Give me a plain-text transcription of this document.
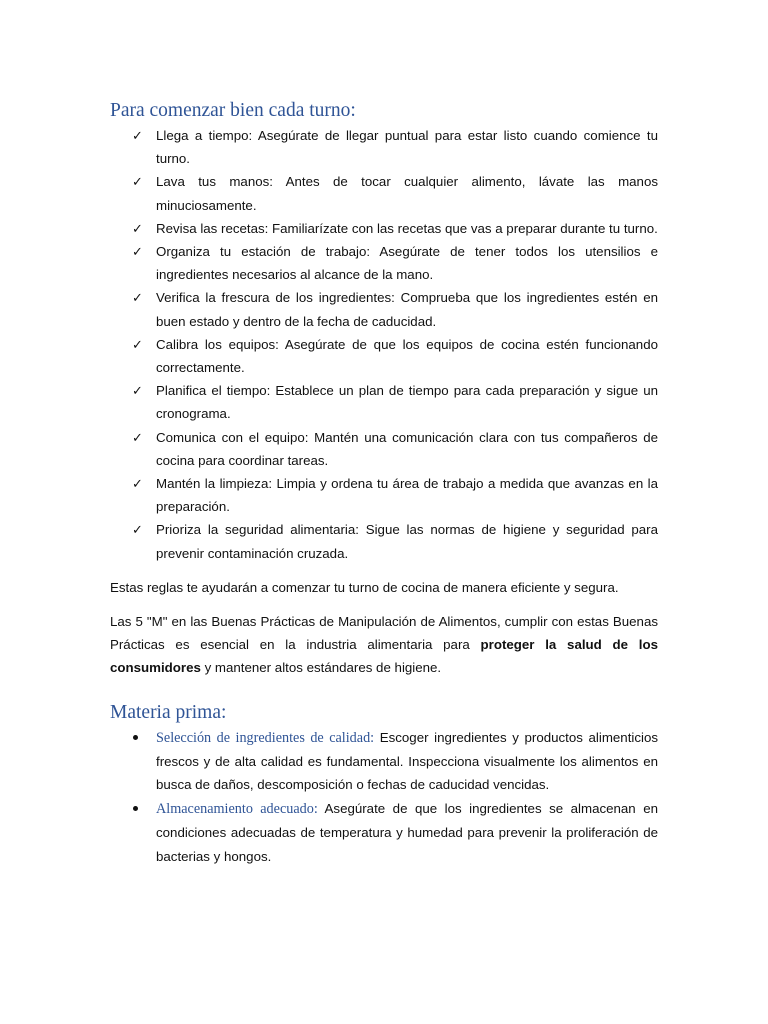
Para comenzar bien cada turno:
✓ Llega a tiempo: Asegúrate de llegar puntual para estar listo cuando comience tu turno.
✓ Lava tus manos: Antes de tocar cualquier alimento, lávate las manos minuciosamente.
✓ Revisa las recetas: Familiarízate con las recetas que vas a preparar durante tu turno.
✓ Organiza tu estación de trabajo: Asegúrate de tener todos los utensilios e ingredientes necesarios al alcance de la mano.
✓ Verifica la frescura de los ingredientes: Comprueba que los ingredientes estén en buen estado y dentro de la fecha de caducidad.
✓ Calibra los equipos: Asegúrate de que los equipos de cocina estén funcionando correctamente.
✓ Planifica el tiempo: Establece un plan de tiempo para cada preparación y sigue un cronograma.
✓ Comunica con el equipo: Mantén una comunicación clara con tus compañeros de cocina para coordinar tareas.
✓ Mantén la limpieza: Limpia y ordena tu área de trabajo a medida que avanzas en la preparación.
✓ Prioriza la seguridad alimentaria: Sigue las normas de higiene y seguridad para prevenir contaminación cruzada.

Estas reglas te ayudarán a comenzar tu turno de cocina de manera eficiente y segura.

Las 5 "M" en las Buenas Prácticas de Manipulación de Alimentos, cumplir con estas Buenas Prácticas es esencial en la industria alimentaria para proteger la salud de los consumidores y mantener altos estándares de higiene.

Materia prima:
Selección de ingredientes de calidad: Escoger ingredientes y productos alimenticios frescos y de alta calidad es fundamental. Inspecciona visualmente los alimentos en busca de daños, descomposición o fechas de caducidad vencidas.
Almacenamiento adecuado: Asegúrate de que los ingredientes se almacenan en condiciones adecuadas de temperatura y humedad para prevenir la proliferación de bacterias y hongos.
